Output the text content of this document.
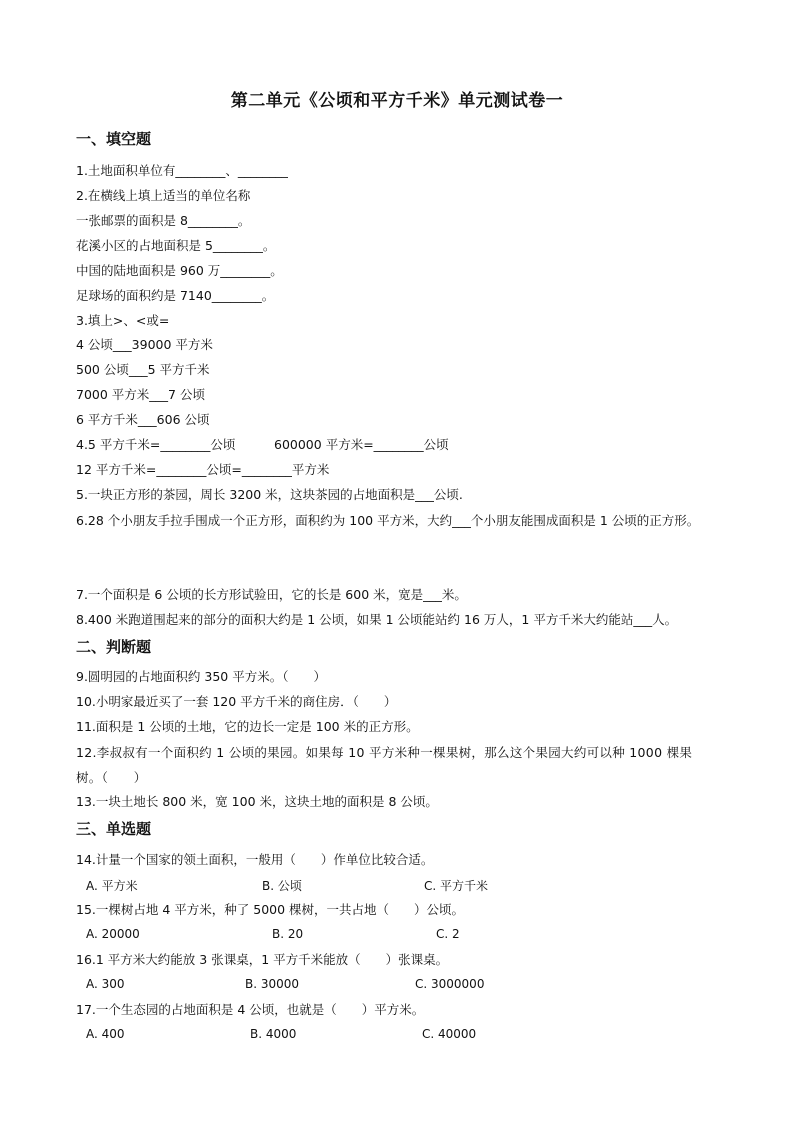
第二单元《公顷和平方千米》单元测试卷一
一、填空题
1.土地面积单位有________、________
2.在横线上填上适当的单位名称
一张邮票的面积是 8________。
花溪小区的占地面积是 5________。
中国的陆地面积是 960 万________。
足球场的面积约是 7140________。
3.填上>、<或=
4 公顷___39000 平方米
500 公顷___5 平方千米
7000 平方米___7 公顷
6 平方千米___606 公顷
4.5 平方千米=________公顷	600000 平方米=________公顷
12 平方千米=________公顷=________平方米
5.一块正方形的茶园，周长 3200 米，这块茶园的占地面积是___公顷.
6.28 个小朋友手拉手围成一个正方形，面积约为 100 平方米，大约___个小朋友能围成面积是 1 公顷的正方形。
7.一个面积是 6 公顷的长方形试验田，它的长是 600 米，宽是___米。
8.400 米跑道围起来的部分的面积大约是 1 公顷，如果 1 公顷能站约 16 万人，1 平方千米大约能站___人。
二、判断题
9.圆明园的占地面积约 350 平方米。（　　）
10.小明家最近买了一套 120 平方千米的商住房．（　　）
11.面积是 1 公顷的土地，它的边长一定是 100 米的正方形。
12.李叔叔有一个面积约 1 公顷的果园。如果每 10 平方米种一棵果树，那么这个果园大约可以种 1000 棵果树。（　　）
13.一块土地长 800 米，宽 100 米，这块土地的面积是 8 公顷。
三、单选题
14.计量一个国家的领土面积，一般用（　　）作单位比较合适。
A. 平方米	B. 公顷	C. 平方千米
15.一棵树占地 4 平方米，种了 5000 棵树，一共占地（　　）公顷。
A. 20000	B. 20	C. 2
16.1 平方米大约能放 3 张课桌，1 平方千米能放（　　）张课桌。
A. 300	B. 30000	C. 3000000
17.一个生态园的占地面积是 4 公顷，也就是（　　）平方米。
A. 400	B. 4000	C. 40000
